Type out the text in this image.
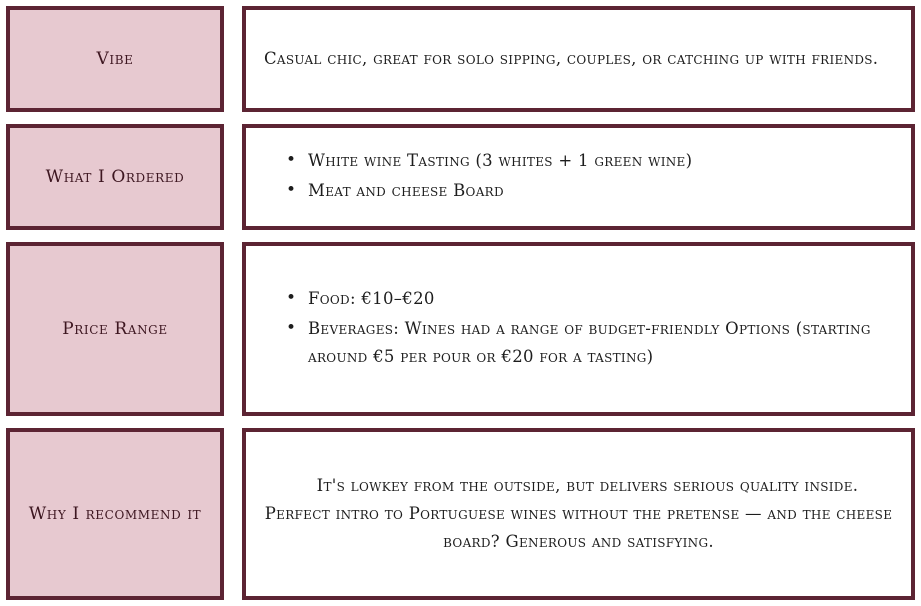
Vibe	Casual chic, great for solo sipping, couples, or catching up with friends.

What I Ordered
• White wine Tasting (3 whites + 1 green wine)
• Meat and cheese Board
Price Range
• Food: €10–€20
• Beverages: Wines had a range of budget-friendly Options (starting around €5 per pour or €20 for a tasting)
Why I recommend it

It's lowkey from the outside, but delivers serious quality inside. Perfect intro to Portuguese wines without the pretense — and the cheese board? Generous and satisfying.
